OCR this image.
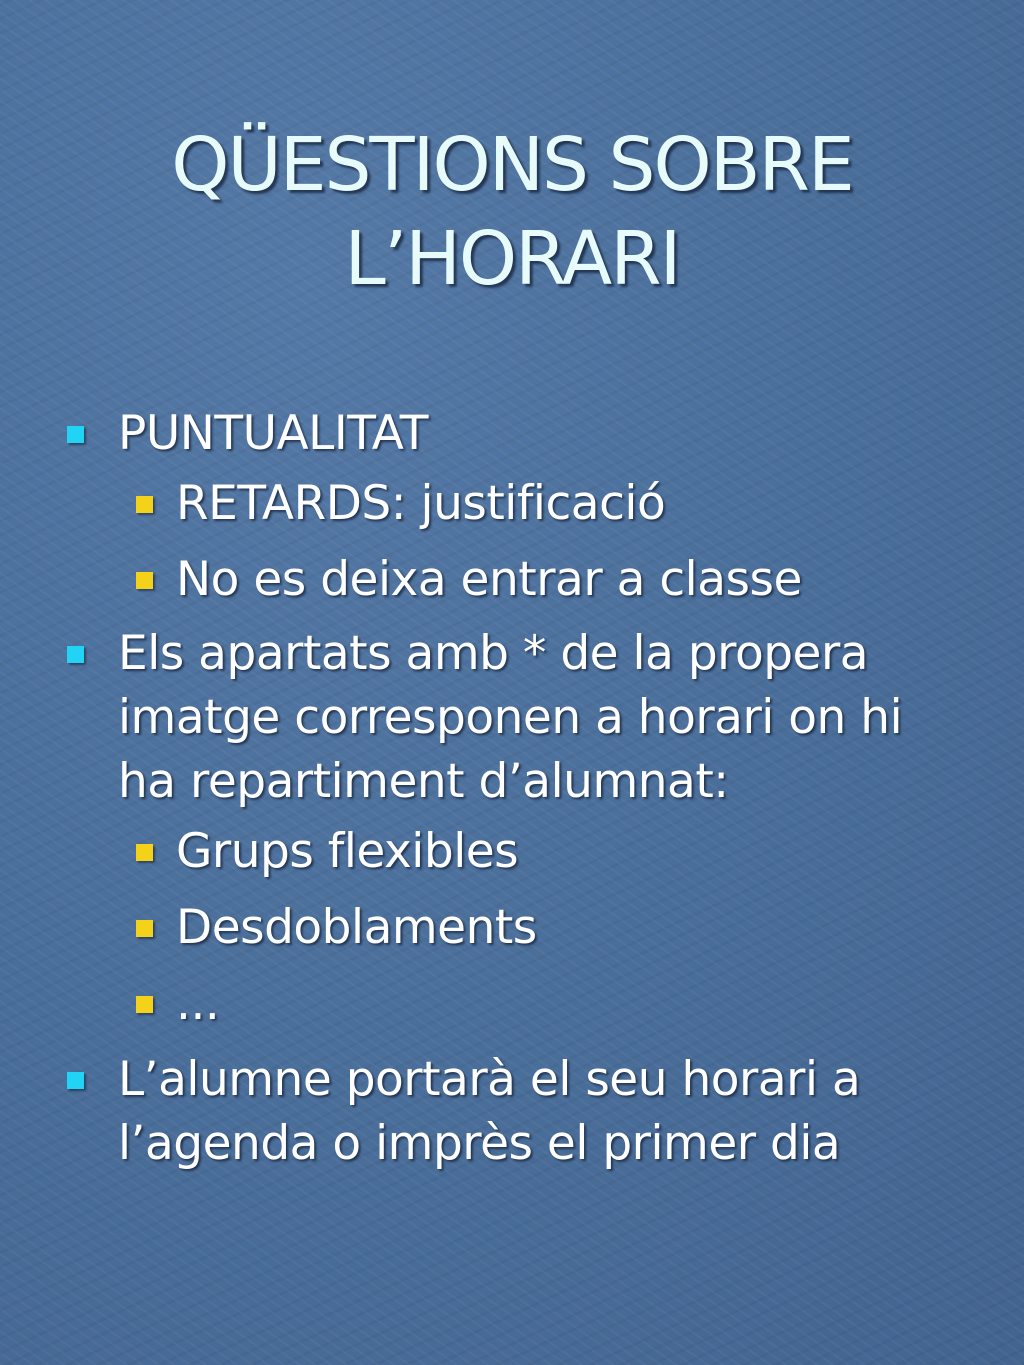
QÜESTIONS SOBRE
L’HORARI
PUNTUALITAT
RETARDS: justificació
No es deixa entrar a classe
Els apartats amb * de la propera
imatge corresponen a horari on hi
ha repartiment d’alumnat:
Grups flexibles
Desdoblaments
...
L’alumne portarà el seu horari a
l’agenda o imprès el primer dia
